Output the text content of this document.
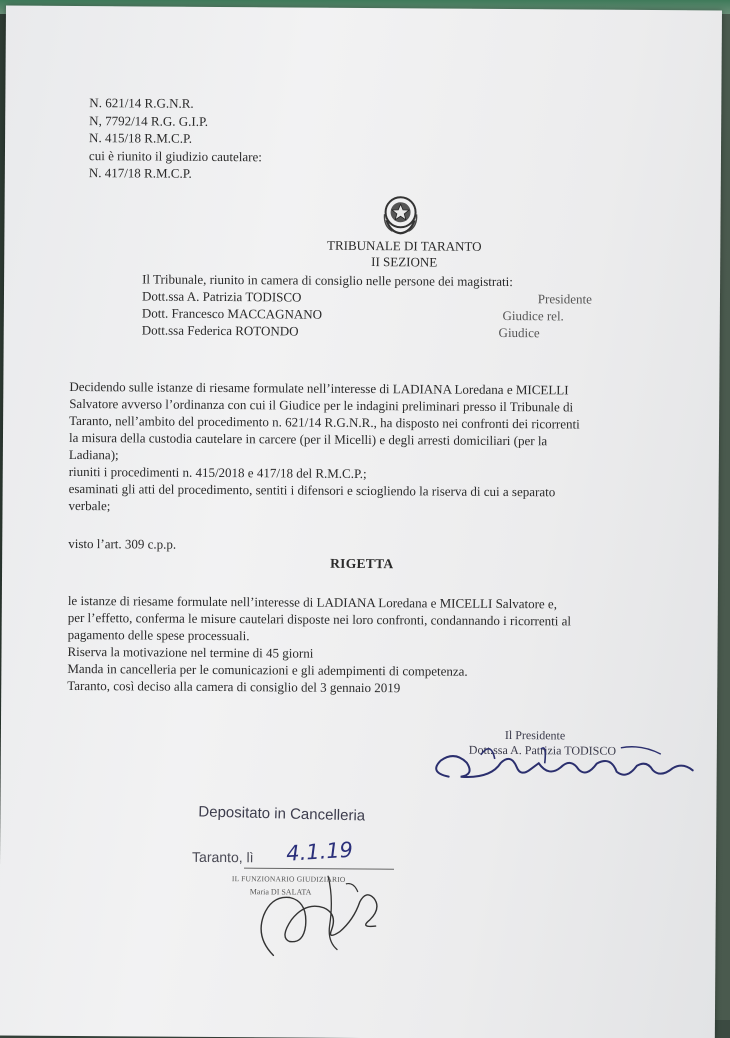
N. 621/14 R.G.N.R.
N, 7792/14 R.G. G.I.P.
N. 415/18 R.M.C.P.
cui è riunito il giudizio cautelare:
N. 417/18 R.M.C.P.
TRIBUNALE DI TARANTO
II SEZIONE
Il Tribunale, riunito in camera di consiglio nelle persone dei magistrati:
Dott.ssa A. Patrizia TODISCO	Presidente
Dott. Francesco MACCAGNANO	Giudice rel.
Dott.ssa Federica ROTONDO	Giudice

Decidendo sulle istanze di riesame formulate nell’interesse di LADIANA Loredana e MICELLI

Salvatore avverso l’ordinanza con cui il Giudice per le indagini preliminari presso il Tribunale di

Taranto, nell’ambito del procedimento n. 621/14 R.G.N.R., ha disposto nei confronti dei ricorrenti

la misura della custodia cautelare in carcere (per il Micelli) e degli arresti domiciliari (per la

Ladiana);

riuniti i procedimenti n. 415/2018 e 417/18 del R.M.C.P.;

esaminati gli atti del procedimento, sentiti i difensori e sciogliendo la riserva di cui a separato

verbale;

visto l’art. 309 c.p.p.
RIGETTA
le istanze di riesame formulate nell’interesse di LADIANA Loredana e MICELLI Salvatore e,
per l’effetto, conferma le misure cautelari disposte nei loro confronti, condannando i ricorrenti al
pagamento delle spese processuali.
Riserva la motivazione nel termine di 45 giorni
Manda in cancelleria per le comunicazioni e gli adempimenti di competenza.
Taranto, così deciso alla camera di consiglio del 3 gennaio 2019
Il Presidente
Dott.ssa A. Patrizia TODISCO
Depositato in Cancelleria
Taranto, lì 4.1.19
IL FUNZIONARIO GIUDIZIARIO
Maria DI SALATA
